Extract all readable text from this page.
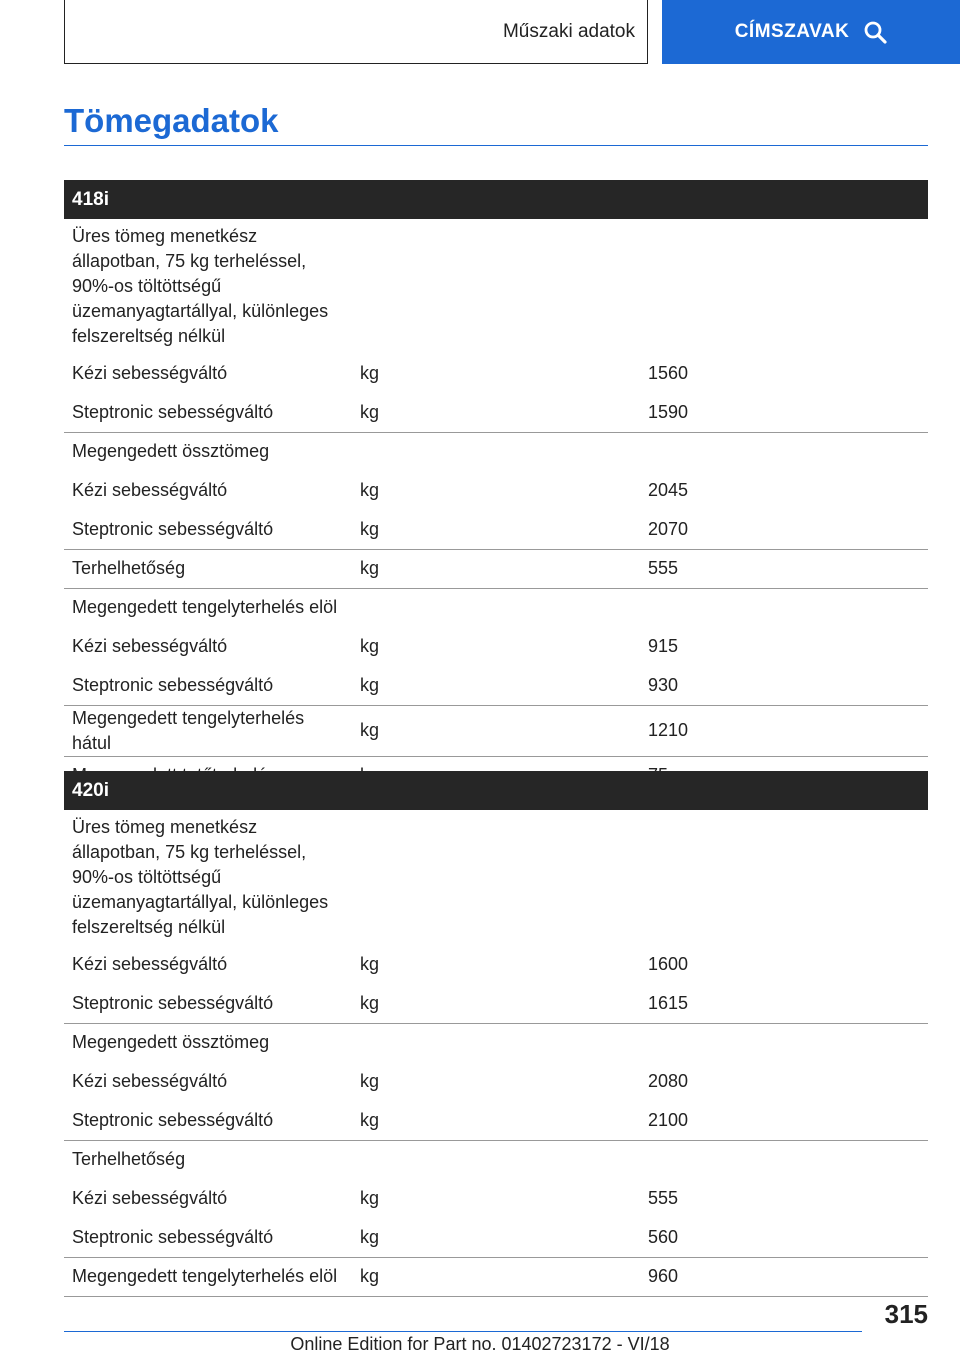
Műszaki adatok	CÍMSZAVAK
Tömegadatok
418i		
Üres tömeg menetkész állapotban, 75 kg terheléssel, 90%-os töltöttségű üzemanyagtartállyal, különleges felszereltség nélkül		
Kézi sebességváltó	kg	1560
Steptronic sebességváltó	kg	1590
Megengedett össztömeg		
Kézi sebességváltó	kg	2045
Steptronic sebességváltó	kg	2070
Terhelhetőség	kg	555
Megengedett tengelyterhelés elöl		
Kézi sebességváltó	kg	915
Steptronic sebességváltó	kg	930
Megengedett tengelyterhelés hátul	kg	1210

420i		
Üres tömeg menetkész állapotban, 75 kg terheléssel, 90%-os töltöttségű üzemanyagtartállyal, különleges felszereltség nélkül		
Kézi sebességváltó	kg	1600
Steptronic sebességváltó	kg	1615
Megengedett össztömeg		
Kézi sebességváltó	kg	2080
Steptronic sebességváltó	kg	2100
Terhelhetőség		
Kézi sebességváltó	kg	555
Steptronic sebességváltó	kg	560
Megengedett tengelyterhelés elöl	kg	960
315
Online Edition for Part no. 01402723172 - VI/18
